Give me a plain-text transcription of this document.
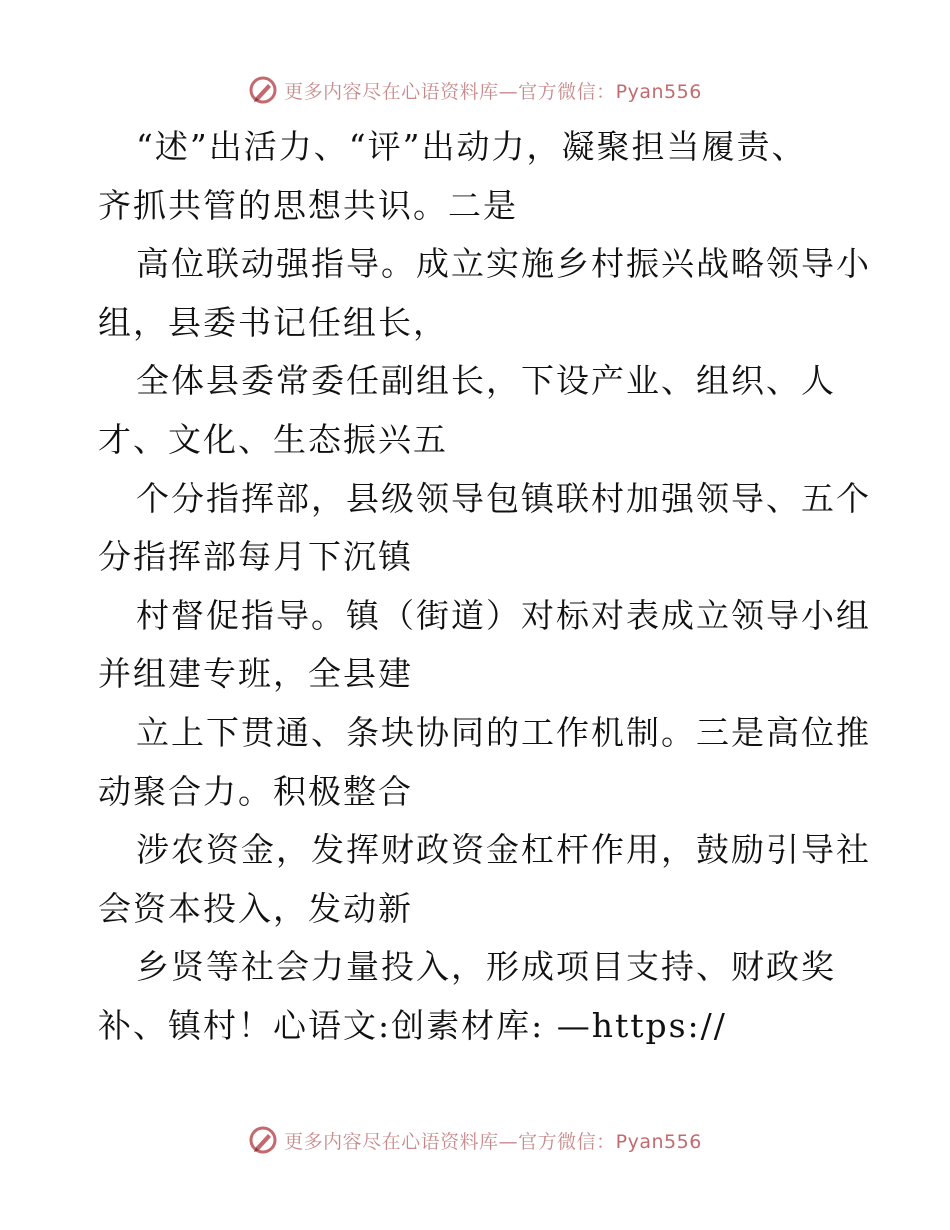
更多内容尽在心语资料库—官方微信：Pyan556
“述”出活力、“评”出动力，凝聚担当履责、
齐抓共管的思想共识。二是
高位联动强指导。成立实施乡村振兴战略领导小
组，县委书记任组长，
全体县委常委任副组长，下设产业、组织、人
才、文化、生态振兴五
个分指挥部，县级领导包镇联村加强领导、五个
分指挥部每月下沉镇
村督促指导。镇（街道）对标对表成立领导小组
并组建专班，全县建
立上下贯通、条块协同的工作机制。三是高位推
动聚合力。积极整合
涉农资金，发挥财政资金杠杆作用，鼓励引导社
会资本投入，发动新
乡贤等社会力量投入，形成项目支持、财政奖
补、镇村！心语文:创素材库: —https://
更多内容尽在心语资料库—官方微信：Pyan556
